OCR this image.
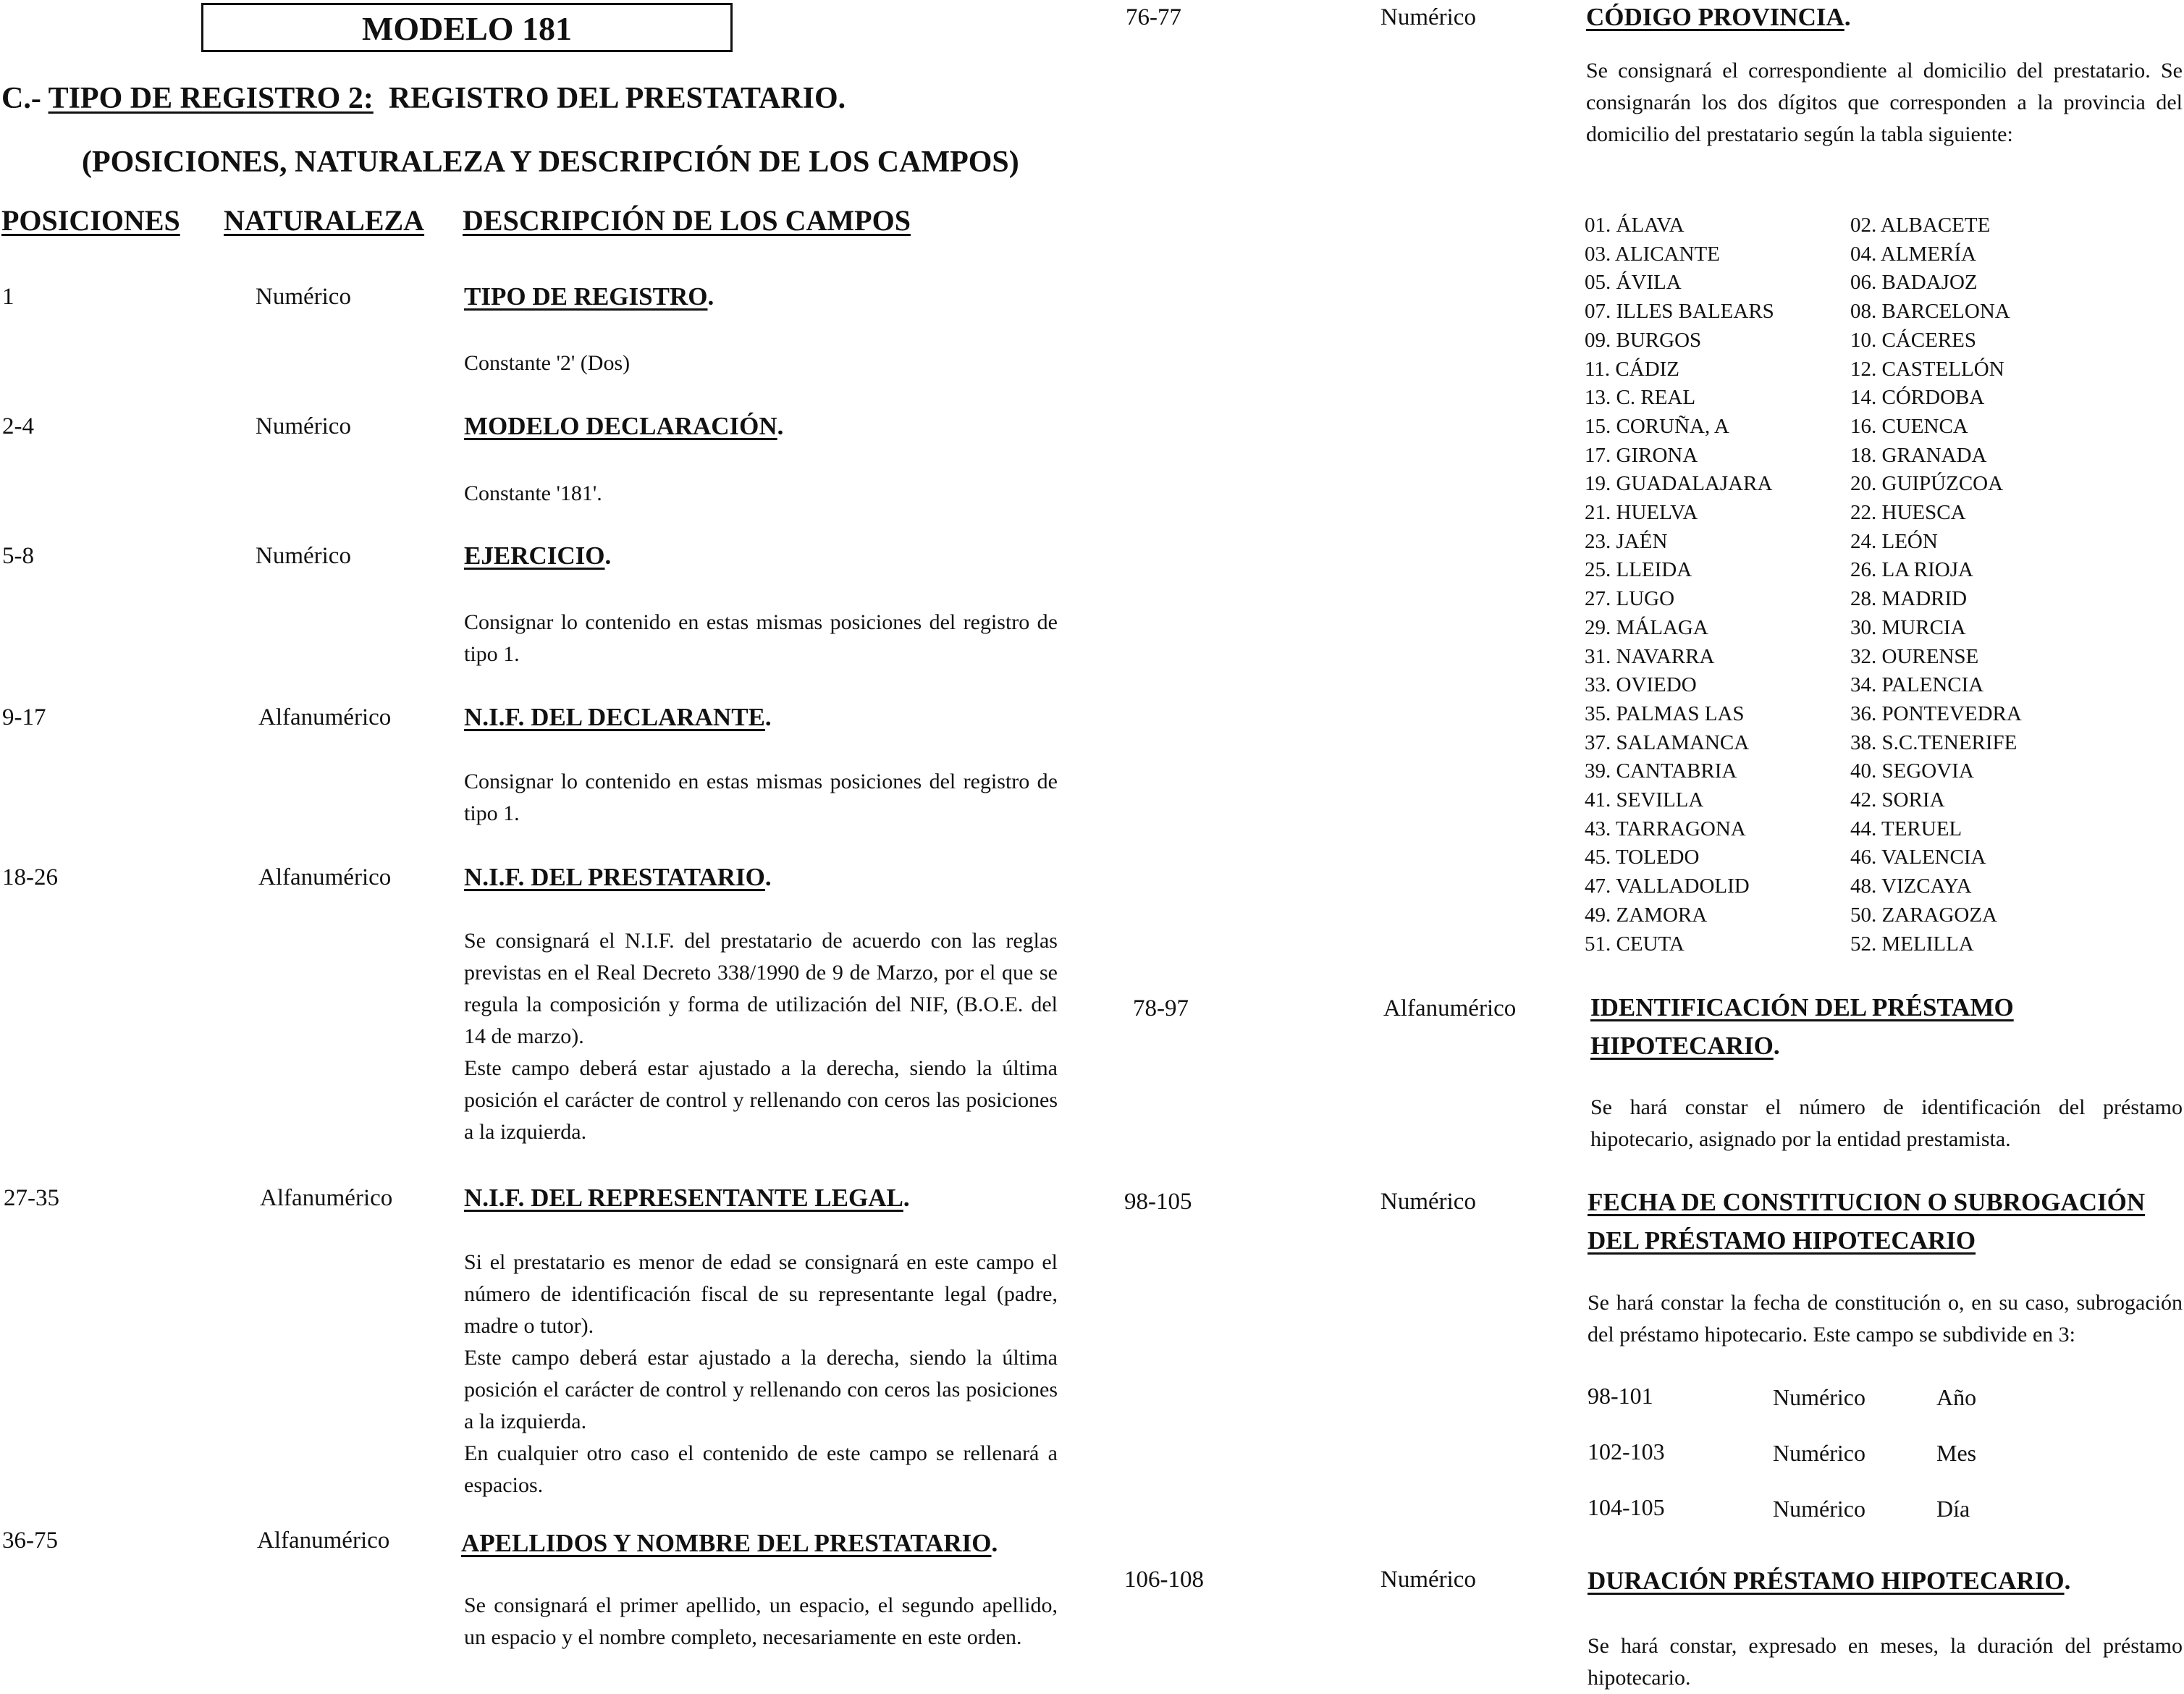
MODELO 181
C.- TIPO DE REGISTRO 2:  REGISTRO DEL PRESTATARIO.
(POSICIONES, NATURALEZA Y DESCRIPCIÓN DE LOS CAMPOS)
POSICIONES NATURALEZA DESCRIPCIÓN DE LOS CAMPOS
1	Numérico	TIPO DE REGISTRO.

Constante '2' (Dos)

2-4	Numérico	MODELO DECLARACIÓN.

Constante '181'.

5-8	Numérico	EJERCICIO.

Consignar lo contenido en estas mismas posiciones del registro de tipo 1.

9-17	Alfanumérico	N.I.F. DEL DECLARANTE.

Consignar lo contenido en estas mismas posiciones del registro de tipo 1.

18-26	Alfanumérico	N.I.F. DEL PRESTATARIO.

Se consignará el N.I.F. del prestatario de acuerdo con las reglas previstas en el Real Decreto 338/1990 de 9 de Marzo, por el que se regula la composición y forma de utilización del NIF, (B.O.E. del 14 de marzo).

Este campo deberá estar ajustado a la derecha, siendo la última posición el carácter de control y rellenando con ceros las posiciones a la izquierda.

27-35	Alfanumérico	N.I.F. DEL REPRESENTANTE LEGAL.

Si el prestatario es menor de edad se consignará en este campo el número de identificación fiscal de su representante legal (padre, madre o tutor).

Este campo deberá estar ajustado a la derecha, siendo la última posición el carácter de control y rellenando con ceros las posiciones a la izquierda.

En cualquier otro caso el contenido de este campo se rellenará a espacios.

36-75	Alfanumérico	APELLIDOS Y NOMBRE DEL PRESTATARIO.

Se consignará el primer apellido, un espacio, el segundo apellido, un espacio y el nombre completo, necesariamente en este orden.

76-77	Numérico	CÓDIGO PROVINCIA.

Se consignará el correspondiente al domicilio del prestatario. Se consignarán los dos dígitos que corresponden a la provincia del domicilio del prestatario según la tabla siguiente:

01. ÁLAVA	02. ALBACETE
03. ALICANTE	04. ALMERÍA
05. ÁVILA	06. BADAJOZ
07. ILLES BALEARS	08. BARCELONA
09. BURGOS	10. CÁCERES
11. CÁDIZ	12. CASTELLÓN
13. C. REAL	14. CÓRDOBA
15. CORUÑA, A	16. CUENCA
17. GIRONA	18. GRANADA
19. GUADALAJARA	20. GUIPÚZCOA
21. HUELVA	22. HUESCA
23. JAÉN	24. LEÓN
25. LLEIDA	26. LA RIOJA
27. LUGO	28. MADRID
29. MÁLAGA	30. MURCIA
31. NAVARRA	32. OURENSE
33. OVIEDO	34. PALENCIA
35. PALMAS LAS	36. PONTEVEDRA
37. SALAMANCA	38. S.C.TENERIFE
39. CANTABRIA	40. SEGOVIA
41. SEVILLA	42. SORIA
43. TARRAGONA	44. TERUEL
45. TOLEDO	46. VALENCIA
47. VALLADOLID	48. VIZCAYA
49. ZAMORA	50. ZARAGOZA
51. CEUTA	52. MELILLA
78-97	Alfanumérico	IDENTIFICACIÓN DEL PRÉSTAMO HIPOTECARIO.

Se hará constar el número de identificación del préstamo hipotecario, asignado por la entidad prestamista.

98-105	Numérico	FECHA DE CONSTITUCION O SUBROGACIÓN DEL PRÉSTAMO HIPOTECARIO

Se hará constar la fecha de constitución o, en su caso, subrogación del préstamo hipotecario. Este campo se subdivide en 3:

98-101	Numérico	Año
102-103	Numérico	Mes
104-105	Numérico	Día
106-108	Numérico	DURACIÓN PRÉSTAMO HIPOTECARIO.

Se hará constar, expresado en meses, la duración del préstamo hipotecario.
